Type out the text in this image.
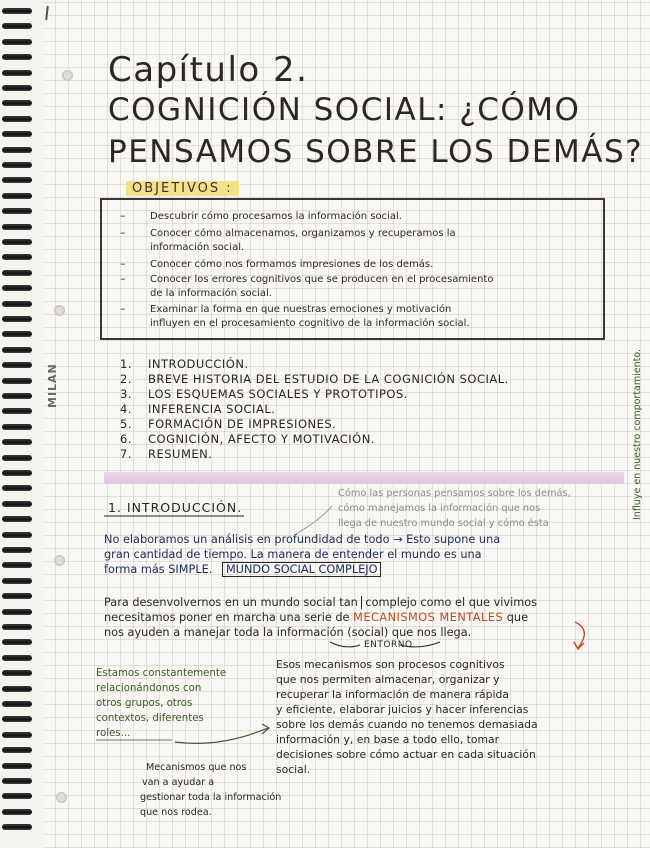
MILAN
Capítulo 2.
COGNICIÓN SOCIAL: ¿CÓMO
PENSAMOS SOBRE LOS DEMÁS?
OBJETIVOS :
– Descubrir cómo procesamos la información social.
– Conocer cómo almacenamos, organizamos y recuperamos la
información social.
– Conocer cómo nos formamos impresiones de los demás.
– Conocer los errores cognitivos que se producen en el procesamiento
de la información social.
– Examinar la forma en que nuestras emociones y motivación
influyen en el procesamiento cognitivo de la información social.
1. INTRODUCCIÓN.
2. BREVE HISTORIA DEL ESTUDIO DE LA COGNICIÓN SOCIAL.
3. LOS ESQUEMAS SOCIALES Y PROTOTIPOS.
4. INFERENCIA SOCIAL.
5. FORMACIÓN DE IMPRESIONES.
6. COGNICIÓN, AFECTO Y MOTIVACIÓN.
7. RESUMEN.	Influye en nuestro comportamiento.
1. INTRODUCCIÓN.
Cómo las personas pensamos sobre los demás,
cómo manejamos la información que nos
llega de nuestro mundo social y cómo ésta
No elaboramos un análisis en profundidad de todo → Esto supone una
gran cantidad de tiempo. La manera de entender el mundo es una
forma más SIMPLE. MUNDO SOCIAL COMPLEJO
Para desenvolvernos en un mundo social tan complejo como el que vivimos
necesitamos poner en marcha una serie de MECANISMOS MENTALES que
nos ayuden a manejar toda la información (social) que nos llega.
ENTORNO
Esos mecanismos son procesos cognitivos
que nos permiten almacenar, organizar y
recuperar la información de manera rápida
y eficiente, elaborar juicios y hacer inferencias
sobre los demás cuando no tenemos demasiada
información y, en base a todo ello, tomar
decisiones sobre cómo actuar en cada situación
social.
Estamos constantemente
relacionándonos con
otros grupos, otros
contextos, diferentes
roles...
Mecanismos que nos
van a ayudar a
gestionar toda la información
que nos rodea.
